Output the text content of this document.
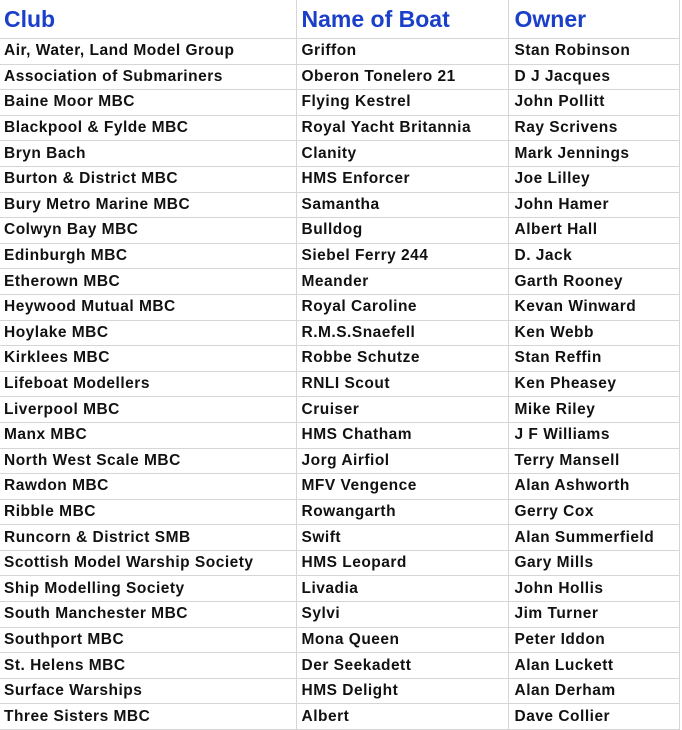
Club	Name of Boat	Owner
Air, Water, Land Model Group	Griffon	Stan Robinson
Association of Submariners	Oberon Tonelero 21	D J Jacques
Baine Moor MBC	Flying Kestrel	John Pollitt
Blackpool & Fylde MBC	Royal Yacht Britannia	Ray Scrivens
Bryn Bach	Clanity	Mark Jennings
Burton & District MBC	HMS Enforcer	Joe Lilley
Bury Metro Marine MBC	Samantha	John Hamer
Colwyn Bay MBC	Bulldog	Albert Hall
Edinburgh MBC	Siebel Ferry 244	D. Jack
Etherown MBC	Meander	Garth Rooney
Heywood Mutual MBC	Royal Caroline	Kevan Winward
Hoylake MBC	R.M.S.Snaefell	Ken Webb
Kirklees MBC	Robbe Schutze	Stan Reffin
Lifeboat Modellers	RNLI Scout	Ken Pheasey
Liverpool MBC	Cruiser	Mike Riley
Manx MBC	HMS Chatham	J F Williams
North West Scale MBC	Jorg Airfiol	Terry Mansell
Rawdon MBC	MFV Vengence	Alan Ashworth
Ribble MBC	Rowangarth	Gerry Cox
Runcorn & District SMB	Swift	Alan Summerfield
Scottish Model Warship Society	HMS Leopard	Gary Mills
Ship Modelling Society	Livadia	John Hollis
South Manchester MBC	Sylvi	Jim Turner
Southport MBC	Mona Queen	Peter Iddon
St. Helens MBC	Der Seekadett	Alan Luckett
Surface Warships	HMS Delight	Alan Derham
Three Sisters MBC	Albert	Dave Collier
